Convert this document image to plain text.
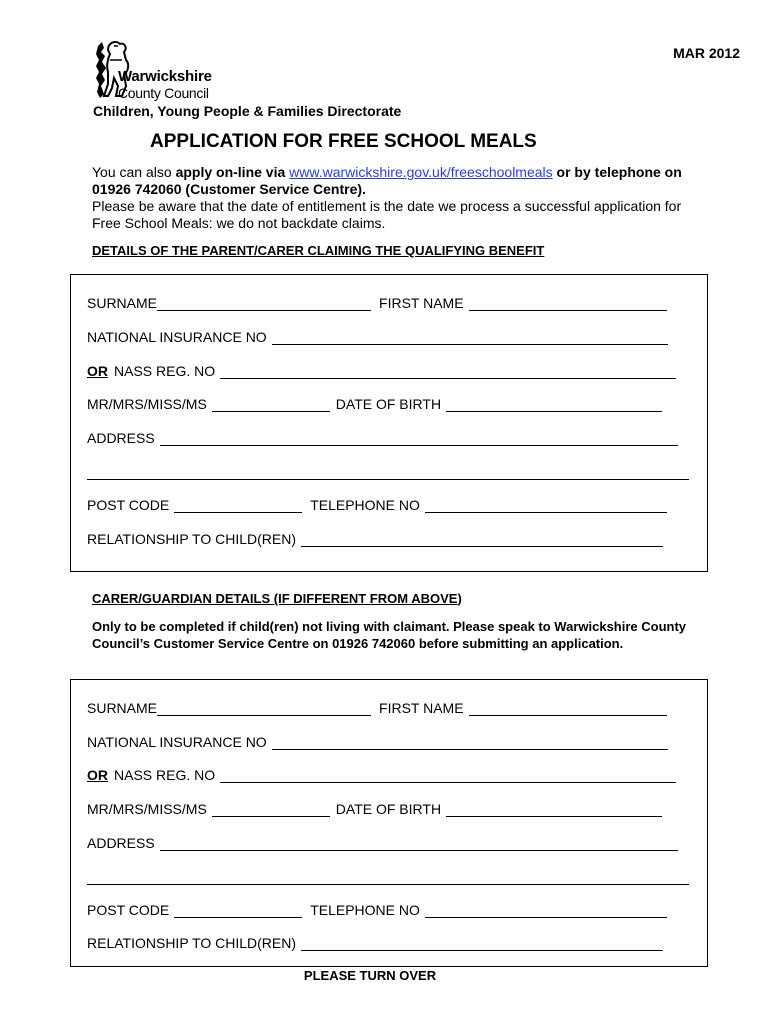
MAR 2012
Warwickshire
County Council
Children, Young People & Families Directorate
APPLICATION FOR FREE SCHOOL MEALS
You can also apply on-line via www.warwickshire.gov.uk/freeschoolmeals or by telephone on 01926 742060 (Customer Service Centre).
Please be aware that the date of entitlement is the date we process a successful application for Free School Meals: we do not backdate claims.
DETAILS OF THE PARENT/CARER CLAIMING THE QUALIFYING BENEFIT
SURNAME	FIRST NAME
NATIONAL INSURANCE NO
OR NASS REG. NO
MR/MRS/MISS/MS	DATE OF BIRTH
ADDRESS
POST CODE	TELEPHONE NO
RELATIONSHIP TO CHILD(REN)
CARER/GUARDIAN DETAILS (IF DIFFERENT FROM ABOVE)
Only to be completed if child(ren) not living with claimant. Please speak to Warwickshire County Council’s Customer Service Centre on 01926 742060 before submitting an application.
SURNAME	FIRST NAME
NATIONAL INSURANCE NO
OR NASS REG. NO
MR/MRS/MISS/MS	DATE OF BIRTH
ADDRESS
POST CODE	TELEPHONE NO
RELATIONSHIP TO CHILD(REN)
PLEASE TURN OVER
